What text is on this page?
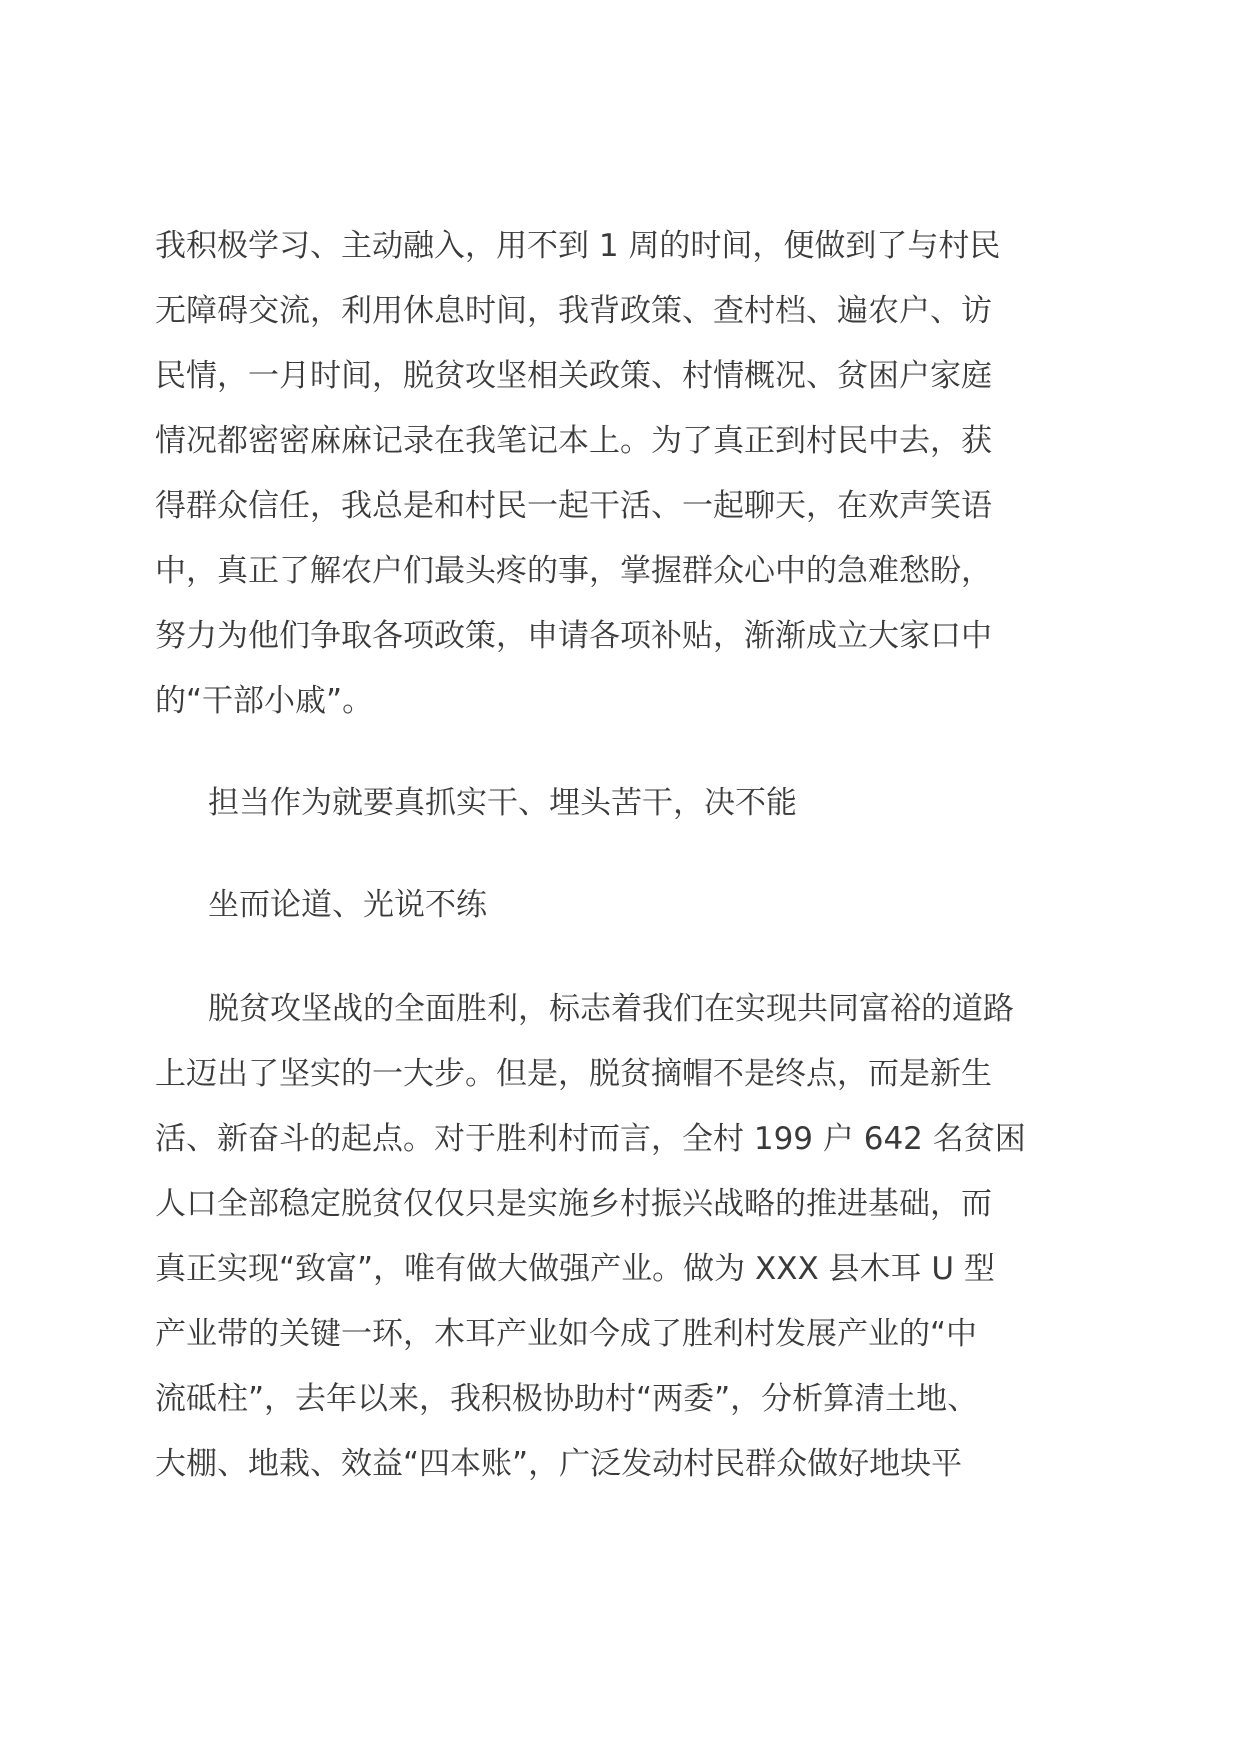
我积极学习、主动融入，用不到 1 周的时间，便做到了与村民
无障碍交流，利用休息时间，我背政策、查村档、遍农户、访
民情，一月时间，脱贫攻坚相关政策、村情概况、贫困户家庭
情况都密密麻麻记录在我笔记本上。为了真正到村民中去，获
得群众信任，我总是和村民一起干活、一起聊天，在欢声笑语
中，真正了解农户们最头疼的事，掌握群众心中的急难愁盼，
努力为他们争取各项政策，申请各项补贴，渐渐成立大家口中
的“干部小戚”。
担当作为就要真抓实干、埋头苦干，决不能
坐而论道、光说不练
脱贫攻坚战的全面胜利，标志着我们在实现共同富裕的道路
上迈出了坚实的一大步。但是，脱贫摘帽不是终点，而是新生
活、新奋斗的起点。对于胜利村而言，全村 199 户 642 名贫困
人口全部稳定脱贫仅仅只是实施乡村振兴战略的推进基础，而
真正实现“致富”，唯有做大做强产业。做为 XXX 县木耳 U 型
产业带的关键一环，木耳产业如今成了胜利村发展产业的“中
流砥柱”，去年以来，我积极协助村“两委”，分析算清土地、
大棚、地栽、效益“四本账”，广泛发动村民群众做好地块平
